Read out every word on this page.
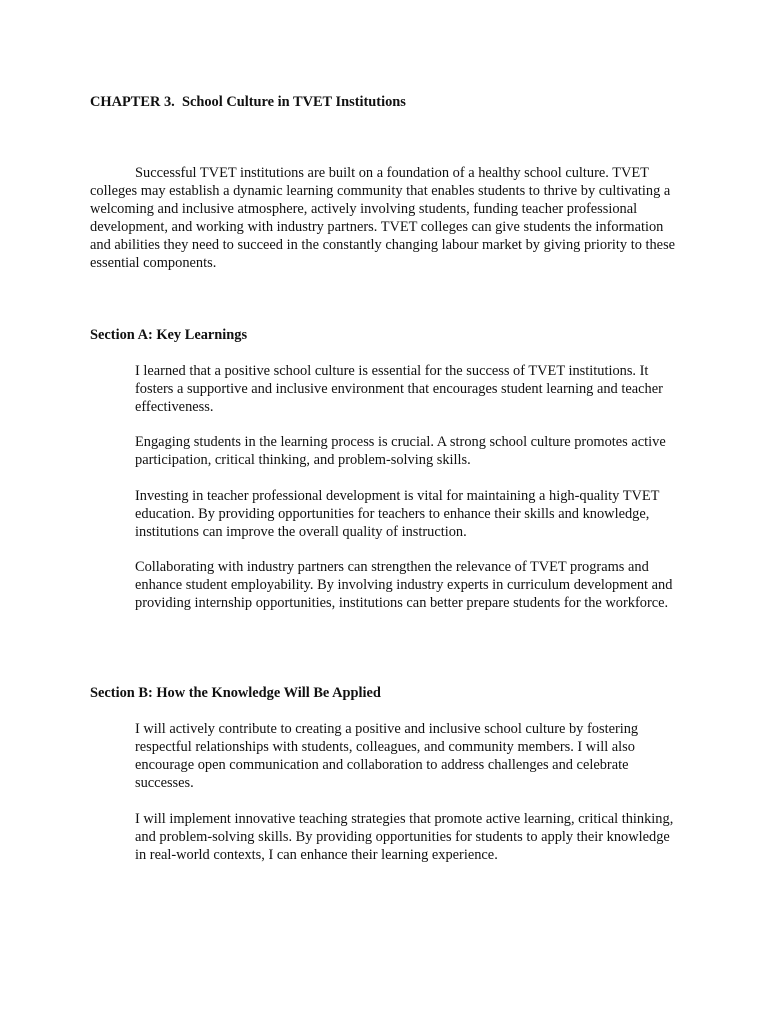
CHAPTER 3.  School Culture in TVET Institutions

Successful TVET institutions are built on a foundation of a healthy school culture. TVET colleges may establish a dynamic learning community that enables students to thrive by cultivating a welcoming and inclusive atmosphere, actively involving students, funding teacher professional development, and working with industry partners. TVET colleges can give students the information and abilities they need to succeed in the constantly changing labour market by giving priority to these essential components.

Section A: Key Learnings

I learned that a positive school culture is essential for the success of TVET institutions. It fosters a supportive and inclusive environment that encourages student learning and teacher effectiveness.

Engaging students in the learning process is crucial. A strong school culture promotes active participation, critical thinking, and problem-solving skills.

Investing in teacher professional development is vital for maintaining a high-quality TVET education. By providing opportunities for teachers to enhance their skills and knowledge, institutions can improve the overall quality of instruction.

Collaborating with industry partners can strengthen the relevance of TVET programs and enhance student employability. By involving industry experts in curriculum development and providing internship opportunities, institutions can better prepare students for the workforce.

Section B: How the Knowledge Will Be Applied

I will actively contribute to creating a positive and inclusive school culture by fostering respectful relationships with students, colleagues, and community members. I will also encourage open communication and collaboration to address challenges and celebrate successes.

I will implement innovative teaching strategies that promote active learning, critical thinking, and problem-solving skills. By providing opportunities for students to apply their knowledge in real-world contexts, I can enhance their learning experience.
